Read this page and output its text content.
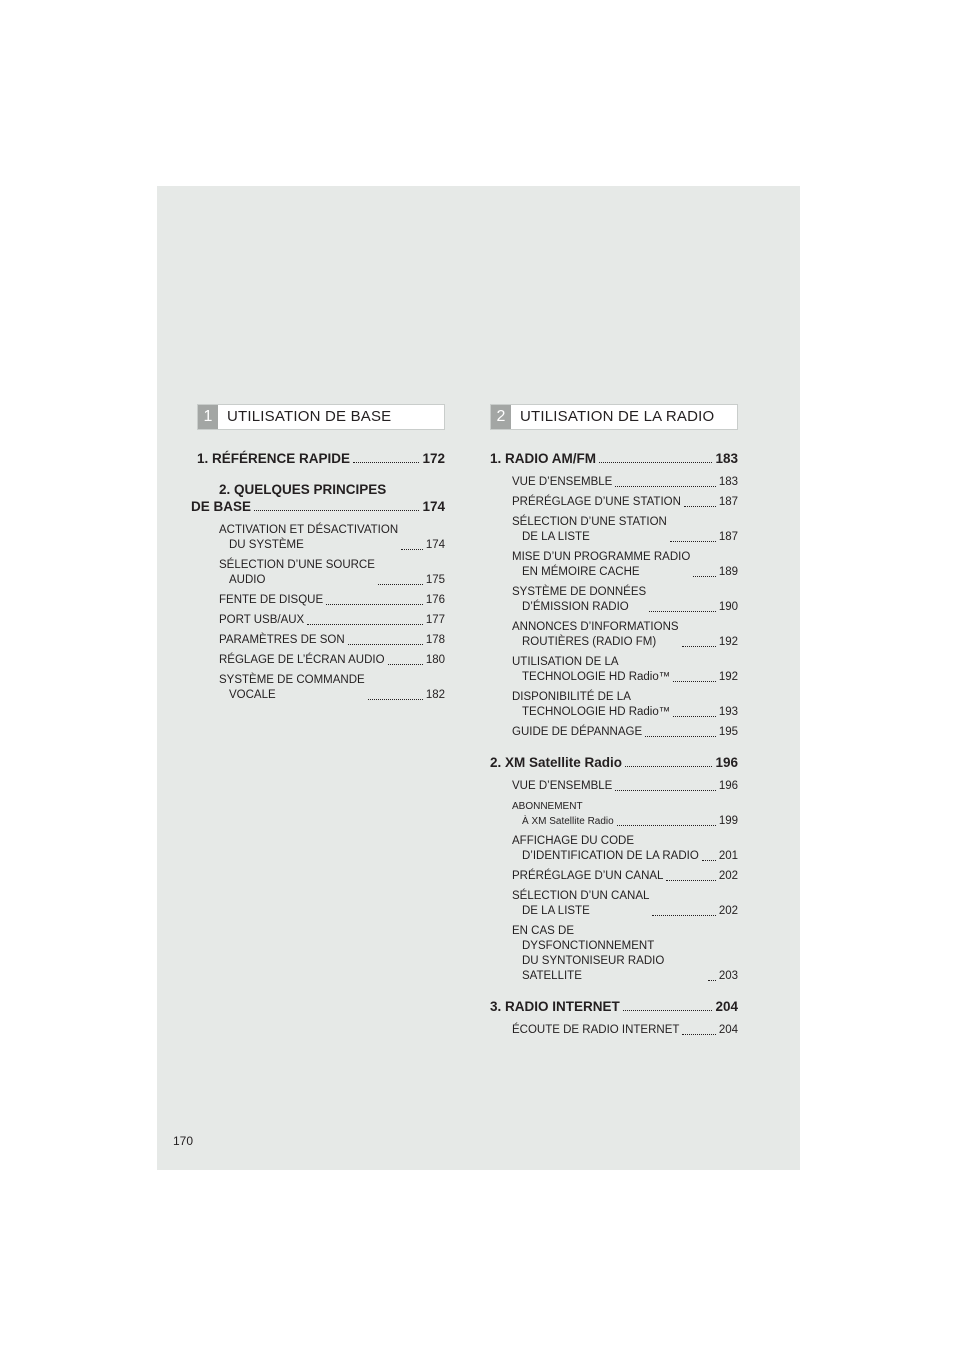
1 UTILISATION DE BASE
1. RÉFÉRENCE RAPIDE	172
2. QUELQUES PRINCIPES
DE BASE	174
ACTIVATION ET DÉSACTIVATION
DU SYSTÈME	174
SÉLECTION D’UNE SOURCE
AUDIO	175
FENTE DE DISQUE	176
PORT USB/AUX	177
PARAMÈTRES DE SON	178
RÉGLAGE DE L’ÉCRAN AUDIO	180
SYSTÈME DE COMMANDE
VOCALE	182
2 UTILISATION DE LA RADIO
1. RADIO AM/FM	183
VUE D’ENSEMBLE	183
PRÉRÉGLAGE D’UNE STATION	187
SÉLECTION D’UNE STATION
DE LA LISTE	187
MISE D’UN PROGRAMME RADIO
EN MÉMOIRE CACHE	189
SYSTÈME DE DONNÉES
D’ÉMISSION RADIO	190
ANNONCES D’INFORMATIONS
ROUTIÈRES (RADIO FM)	192
UTILISATION DE LA
TECHNOLOGIE HD Radio™	192
DISPONIBILITÉ DE LA
TECHNOLOGIE HD Radio™	193
GUIDE DE DÉPANNAGE	195
2. XM Satellite Radio	196
VUE D’ENSEMBLE	196
ABONNEMENT
À XM Satellite Radio	199
AFFICHAGE DU CODE
D’IDENTIFICATION DE LA RADIO 201
PRÉRÉGLAGE D’UN CANAL	202
SÉLECTION D’UN CANAL
DE LA LISTE	202
EN CAS DE DYSFONCTIONNEMENT
DU SYNTONISEUR RADIO
SATELLITE	203
3. RADIO INTERNET	204
ÉCOUTE DE RADIO INTERNET	204
170
